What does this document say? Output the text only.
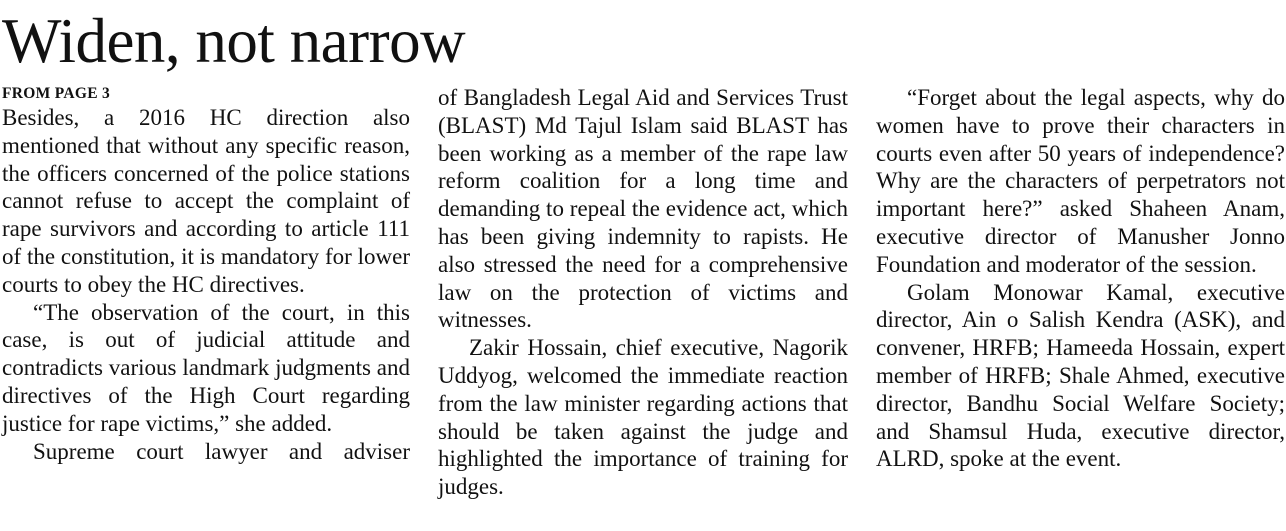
Widen, not narrow
FROM PAGE 3

Besides, a 2016 HC direction also mentioned that without any specific reason, the officers concerned of the police stations cannot refuse to accept the complaint of rape survivors and according to article 111 of the constitution, it is mandatory for lower courts to obey the HC directives.

“The observation of the court, in this case, is out of judicial attitude and contradicts various landmark judgments and directives of the High Court regarding justice for rape victims,” she added.

Supreme court lawyer and adviser

of Bangladesh Legal Aid and Services Trust (BLAST) Md Tajul Islam said BLAST has been working as a member of the rape law reform coalition for a long time and demanding to repeal the evidence act, which has been giving indemnity to rapists. He also stressed the need for a comprehensive law on the protection of victims and witnesses.

Zakir Hossain, chief executive, Nagorik Uddyog, welcomed the immediate reaction from the law minister regarding actions that should be taken against the judge and highlighted the importance of training for judges.

“Forget about the legal aspects, why do women have to prove their characters in courts even after 50 years of independence? Why are the characters of perpetrators not important here?” asked Shaheen Anam, executive director of Manusher Jonno Foundation and moderator of the session.

Golam Monowar Kamal, executive director, Ain o Salish Kendra (ASK), and convener, HRFB; Hameeda Hossain, expert member of HRFB; Shale Ahmed, executive director, Bandhu Social Welfare Society; and Shamsul Huda, executive director, ALRD, spoke at the event.
